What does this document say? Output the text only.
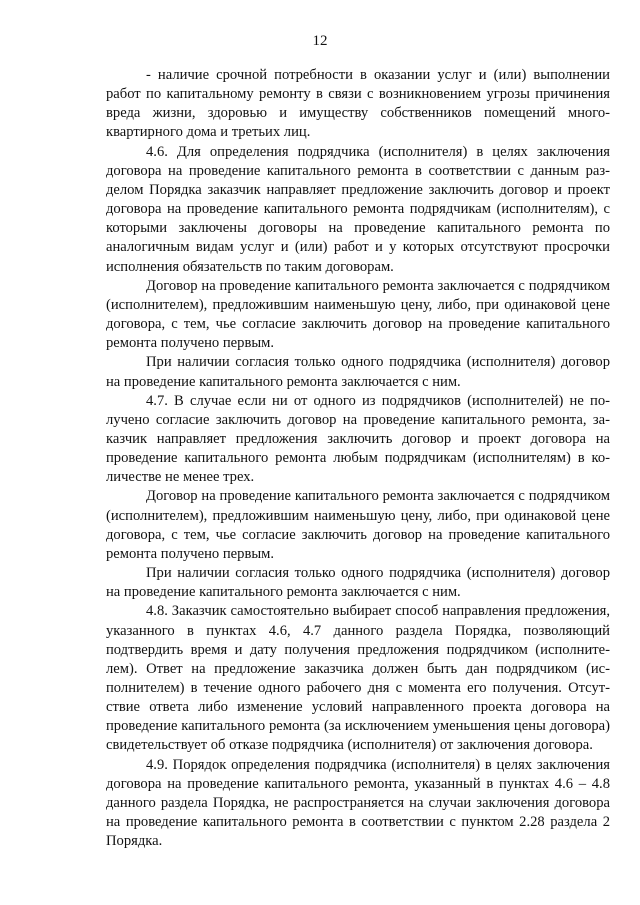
12

- наличие срочной потребности в оказании услуг и (или) выполнении работ по капитальному ремонту в связи с возникновением угрозы причинения вреда жизни, здоровью и имуществу собственников помещений многоквартирного дома и третьих лиц.

4.6. Для определения подрядчика (исполнителя) в целях заключения договора на проведение капитального ремонта в соответствии с данным разделом Порядка заказчик направляет предложение заключить договор и проект договора на проведение капитального ремонта подрядчикам (исполнителям), с которыми заключены договоры на проведение капитального ремонта по аналогичным видам услуг и (или) работ и у которых отсутствуют просрочки исполнения обязательств по таким договорам.

Договор на проведение капитального ремонта заключается с подрядчиком (исполнителем), предложившим наименьшую цену, либо, при одинаковой цене договора, с тем, чье согласие заключить договор на проведение капитального ремонта получено первым.

При наличии согласия только одного подрядчика (исполнителя) договор на проведение капитального ремонта заключается с ним.

4.7. В случае если ни от одного из подрядчиков (исполнителей) не получено согласие заключить договор на проведение капитального ремонта, заказчик направляет предложения заключить договор и проект договора на проведение капитального ремонта любым подрядчикам (исполнителям) в количестве не менее трех.

Договор на проведение капитального ремонта заключается с подрядчиком (исполнителем), предложившим наименьшую цену, либо, при одинаковой цене договора, с тем, чье согласие заключить договор на проведение капитального ремонта получено первым.

При наличии согласия только одного подрядчика (исполнителя) договор на проведение капитального ремонта заключается с ним.

4.8. Заказчик самостоятельно выбирает способ направления предложения, указанного в пунктах 4.6, 4.7 данного раздела Порядка, позволяющий подтвердить время и дату получения предложения подрядчиком (исполнителем). Ответ на предложение заказчика должен быть дан подрядчиком (исполнителем) в течение одного рабочего дня с момента его получения. Отсутствие ответа либо изменение условий направленного проекта договора на проведение капитального ремонта (за исключением уменьшения цены договора) свидетельствует об отказе подрядчика (исполнителя) от заключения договора.

4.9. Порядок определения подрядчика (исполнителя) в целях заключения договора на проведение капитального ремонта, указанный в пунктах 4.6 – 4.8 данного раздела Порядка, не распространяется на случаи заключения договора на проведение капитального ремонта в соответствии с пунктом 2.28 раздела 2 Порядка.
